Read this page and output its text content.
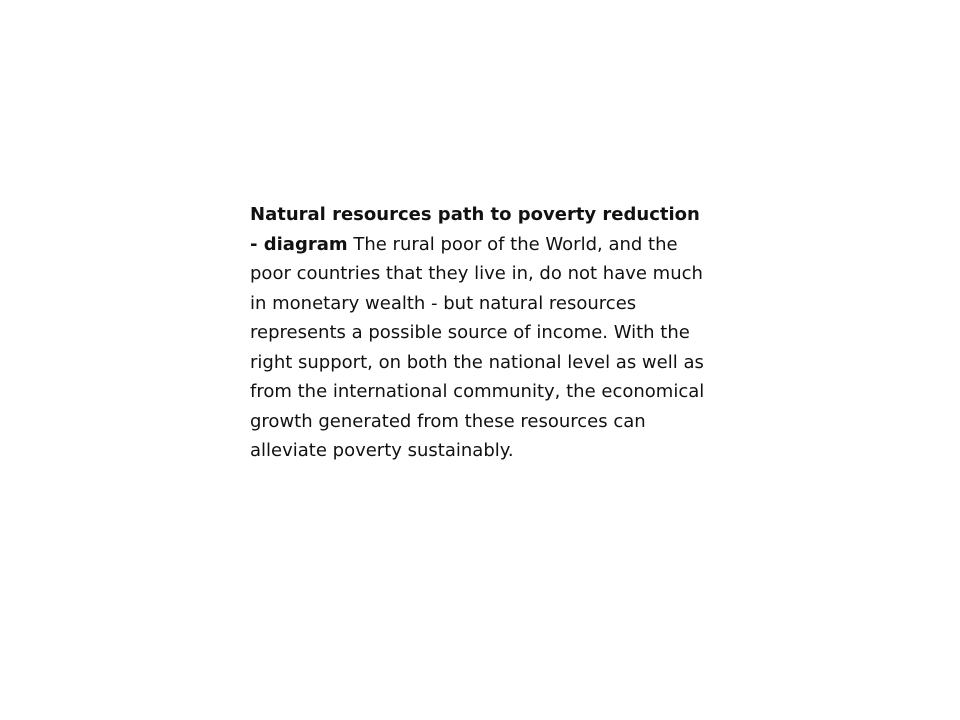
Natural resources path to poverty reduction - diagram The rural poor of the World, and the poor countries that they live in, do not have much in monetary wealth - but natural resources represents a possible source of income. With the right support, on both the national level as well as from the international community, the economical growth generated from these resources can alleviate poverty sustainably.
